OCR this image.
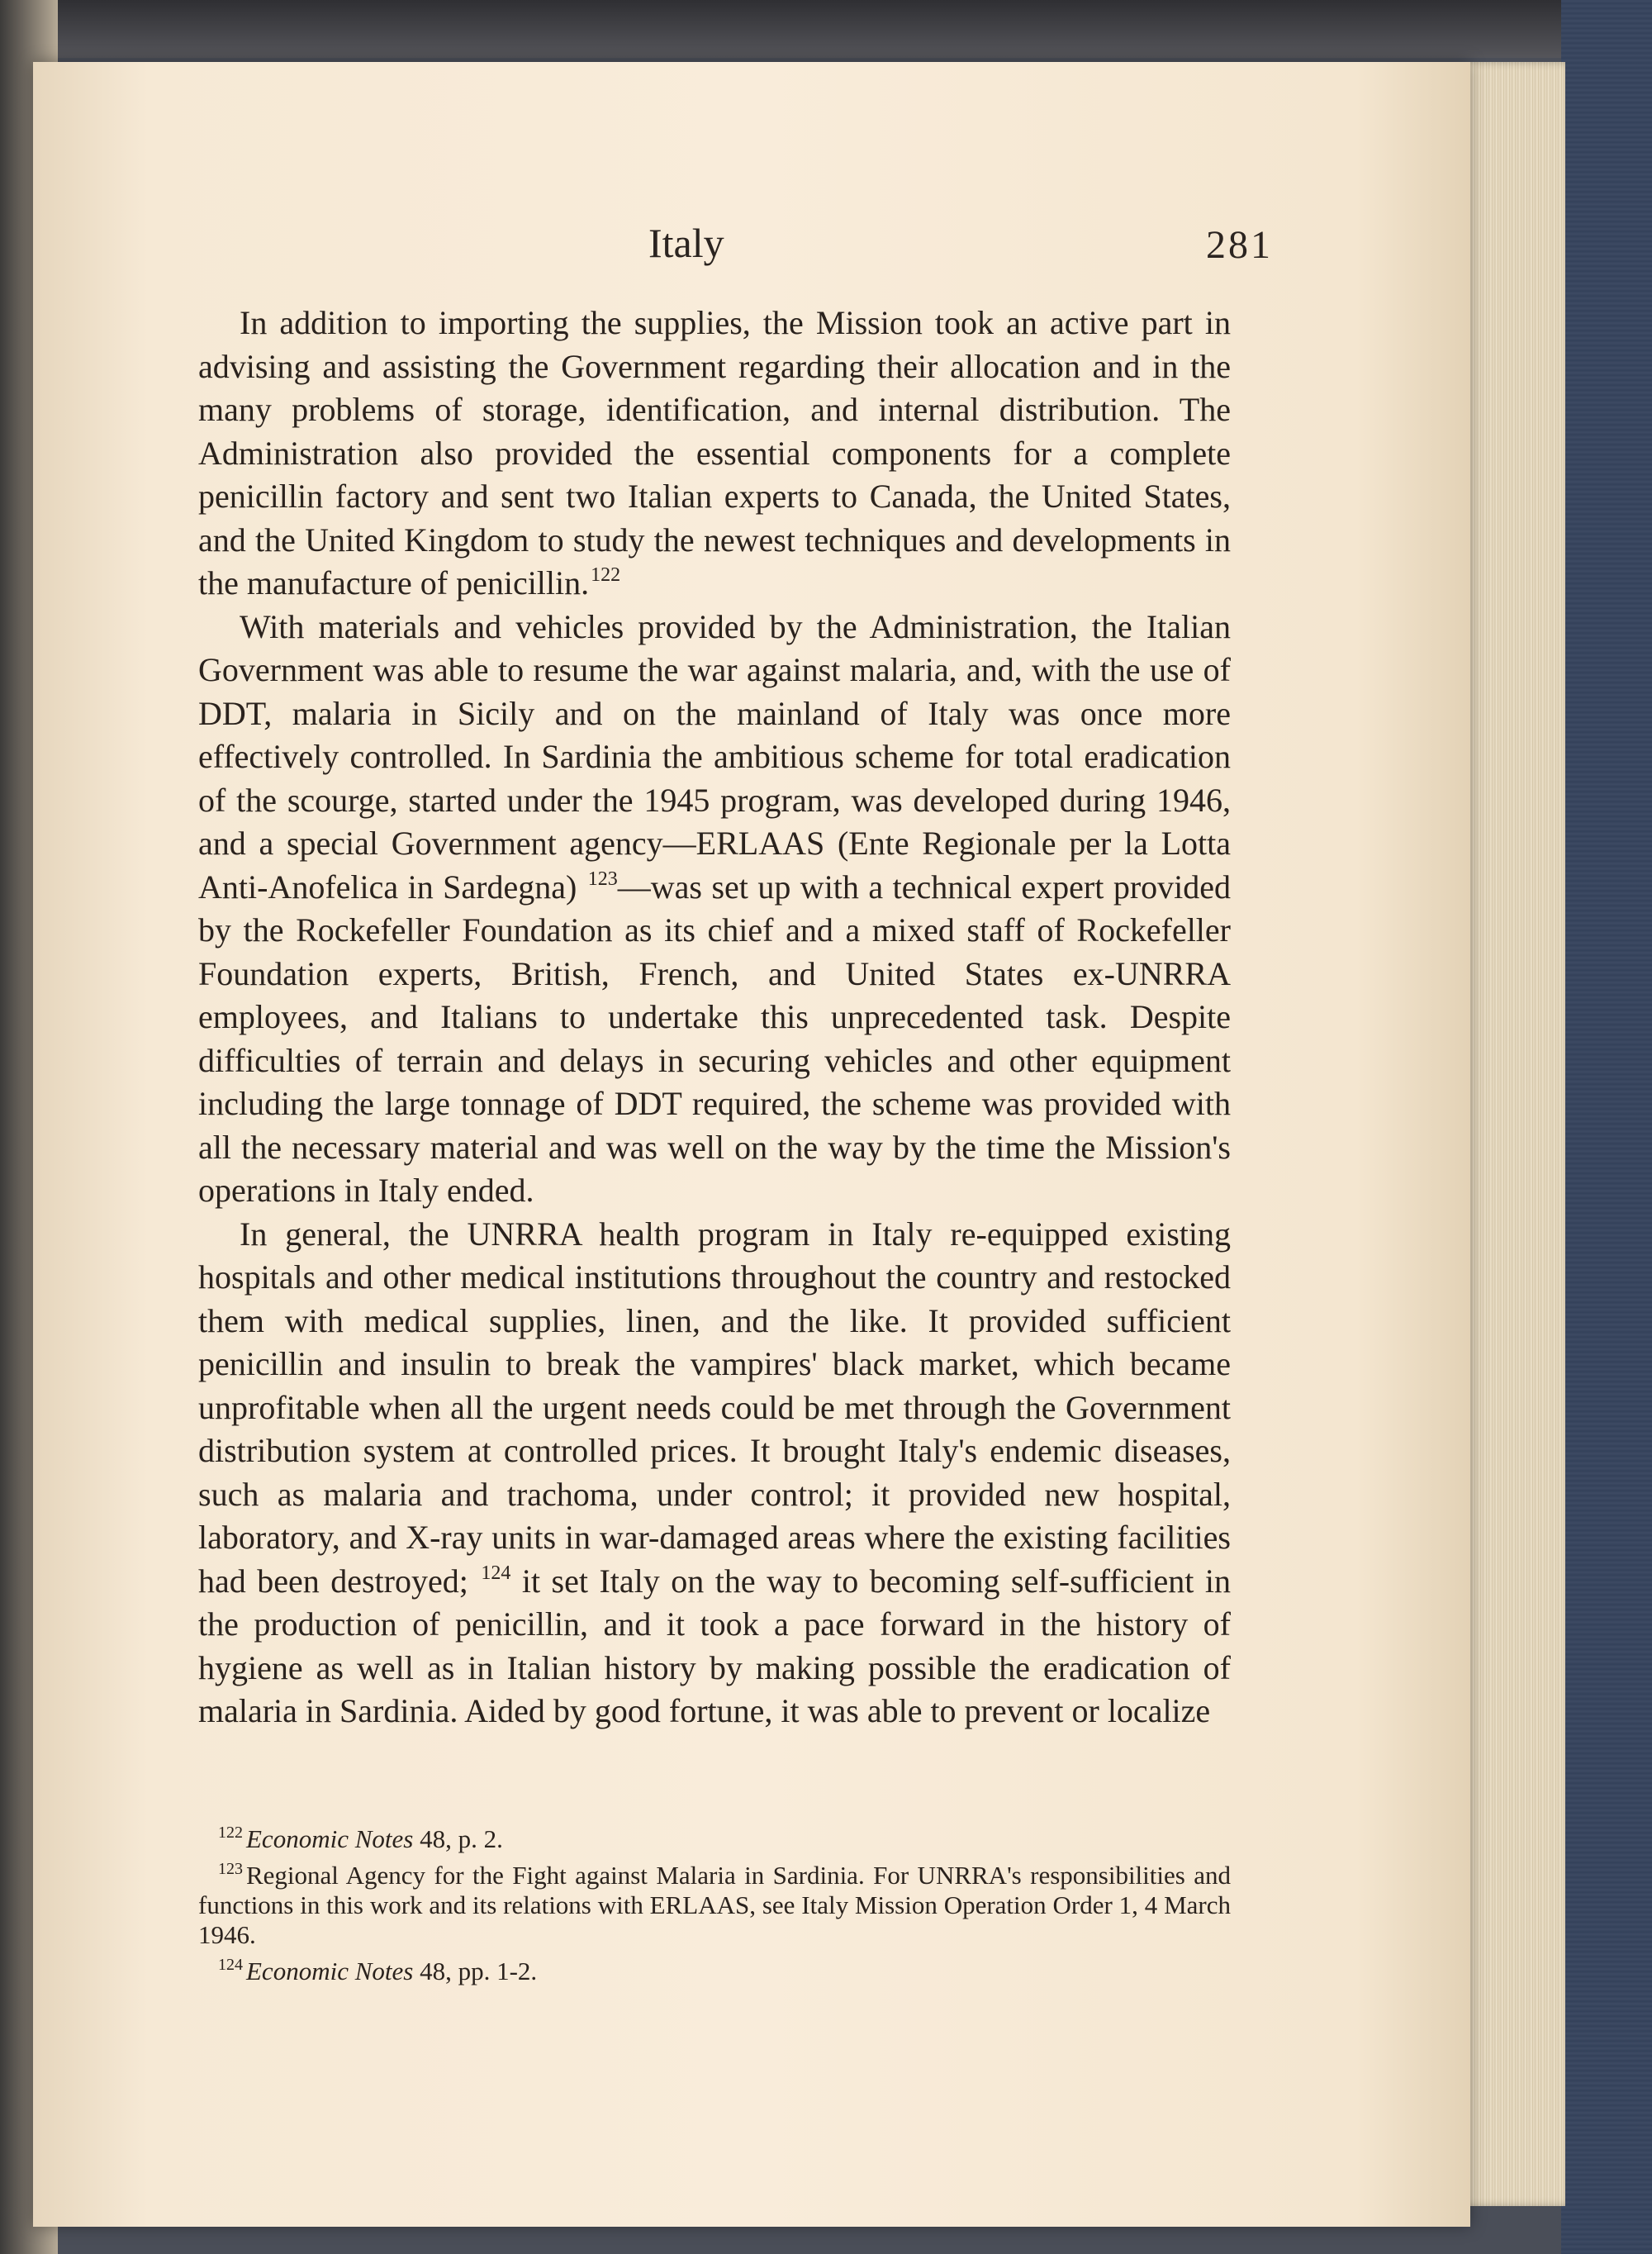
Italy	281

In addition to importing the supplies, the Mission took an active part in advising and assisting the Government regarding their allocation and in the many problems of storage, identification, and internal distribution. The Administration also provided the essential components for a complete penicillin factory and sent two Italian experts to Canada, the United States, and the United Kingdom to study the newest techniques and developments in the manufacture of penicillin.$^{122}$

With materials and vehicles provided by the Administration, the Italian Government was able to resume the war against malaria, and, with the use of DDT, malaria in Sicily and on the mainland of Italy was once more effectively controlled. In Sardinia the ambitious scheme for total eradication of the scourge, started under the 1945 program, was developed during 1946, and a special Government agency—ERLAAS (Ente Regionale per la Lotta Anti-Anofelica in Sardegna) $^{123}$—was set up with a technical expert provided by the Rockefeller Foundation as its chief and a mixed staff of Rockefeller Foundation experts, British, French, and United States ex-UNRRA employees, and Italians to undertake this unprecedented task. Despite difficulties of terrain and delays in securing vehicles and other equipment including the large tonnage of DDT required, the scheme was provided with all the necessary material and was well on the way by the time the Mission's operations in Italy ended.

In general, the UNRRA health program in Italy re-equipped existing hospitals and other medical institutions throughout the country and restocked them with medical supplies, linen, and the like. It provided sufficient penicillin and insulin to break the vampires' black market, which became unprofitable when all the urgent needs could be met through the Government distribution system at controlled prices. It brought Italy's endemic diseases, such as malaria and trachoma, under control; it provided new hospital, laboratory, and X-ray units in war-damaged areas where the existing facilities had been destroyed; $^{124}$ it set Italy on the way to becoming self-sufficient in the production of penicillin, and it took a pace forward in the history of hygiene as well as in Italian history by making possible the eradication of malaria in Sardinia. Aided by good fortune, it was able to prevent or localize

$^{122}$ Economic Notes 48, p. 2.

$^{123}$ Regional Agency for the Fight against Malaria in Sardinia. For UNRRA's responsibilities and functions in this work and its relations with ERLAAS, see Italy Mission Operation Order 1, 4 March 1946.

$^{124}$ Economic Notes 48, pp. 1-2.
